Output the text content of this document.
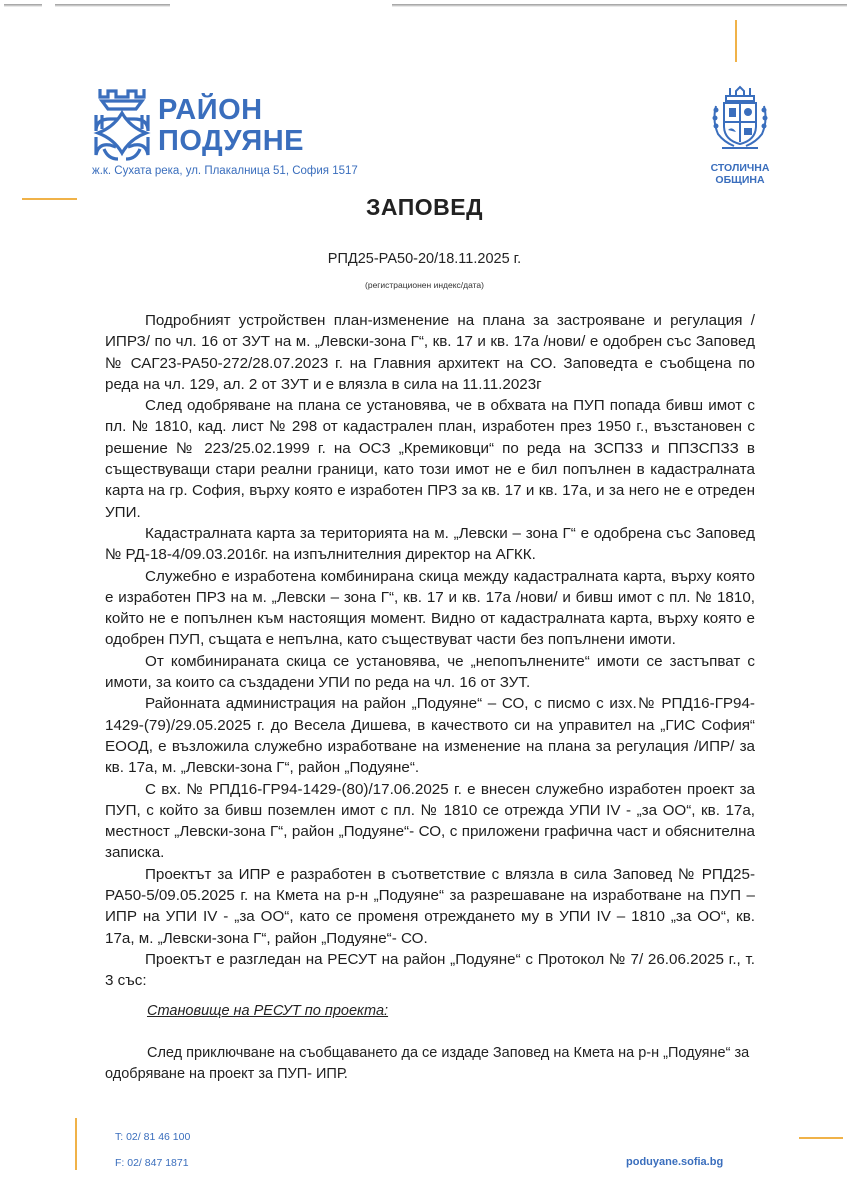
РАЙОН
ПОДУЯНЕ
ж.к. Сухата река, ул. Плакалница 51, София 1517	СТОЛИЧНА
ОБЩИНА
ЗАПОВЕД
РПД25-РА50-20/18.11.2025 г.
(регистрационен индекс/дата)

Подробният устройствен план-изменение на плана за застрояване и регулация /ИПРЗ/ по чл. 16 от ЗУТ на м. „Левски-зона Г“, кв. 17 и кв. 17а /нови/ е одобрен със Заповед № САГ23-РА50-272/28.07.2023 г. на Главния архитект на СО. Заповедта е съобщена по реда на чл. 129, ал. 2 от ЗУТ и е влязла в сила на 11.11.2023г

След одобряване на плана се установява, че в обхвата на ПУП попада бивш имот с пл. № 1810, кад. лист № 298 от кадастрален план, изработен през 1950 г., възстановен с решение № 223/25.02.1999 г. на ОСЗ „Кремиковци“ по реда на ЗСПЗЗ и ППЗСПЗЗ в съществуващи стари реални граници, като този имот не е бил попълнен в кадастралната карта на гр. София, върху която е изработен ПРЗ за кв. 17 и кв. 17а, и за него не е отреден УПИ.

Кадастралната карта за територията на м. „Левски – зона Г“ е одобрена със Заповед № РД-18-4/09.03.2016г. на изпълнителния директор на АГКК.

Служебно е изработена комбинирана скица между кадастралната карта, върху която е изработен ПРЗ на м. „Левски – зона Г“, кв. 17 и кв. 17а /нови/ и бивш имот с пл. № 1810, който не е попълнен към настоящия момент. Видно от кадастралната карта, върху която е одобрен ПУП, същата е непълна, като съществуват части без попълнени имоти.

От комбинираната скица се установява, че „непопълнените“ имоти се застъпват с имоти, за които са създадени УПИ по реда на чл. 16 от ЗУТ.

Районната администрация на район „Подуяне“ – СО, с писмо с изх.№ РПД16-ГР94-1429-(79)/29.05.2025 г. до Весела Дишева, в качеството си на управител на „ГИС София“ ЕООД, е възложила служебно изработване на изменение на плана за регулация /ИПР/ за кв. 17а, м. „Левски-зона Г“, район „Подуяне“.

С вх. № РПД16-ГР94-1429-(80)/17.06.2025 г. е внесен служебно изработен проект за ПУП, с който за бивш поземлен имот с пл. № 1810 се отрежда УПИ IV - „за ОО“, кв. 17а, местност „Левски-зона Г“, район „Подуяне“- СО, с приложени графична част и обяснителна записка.

Проектът за ИПР е разработен в съответствие с влязла в сила Заповед № РПД25-РА50-5/09.05.2025 г. на Кмета на р-н „Подуяне“ за разрешаване на изработване на ПУП – ИПР на УПИ IV - „за ОО“, като се променя отреждането му в УПИ IV – 1810 „за ОО“, кв. 17а, м. „Левски-зона Г“, район „Подуяне“- СО.

Проектът е разгледан на РЕСУТ на район „Подуяне“ с Протокол № 7/ 26.06.2025 г., т. 3 със:

Становище на РЕСУТ по проекта:

След приключване на съобщаването да се издаде Заповед на Кмета на р-н „Подуяне“ за одобряване на проект за ПУП- ИПР.

T: 02/ 81 46 100
F: 02/ 847 1871	poduyane.sofia.bg
